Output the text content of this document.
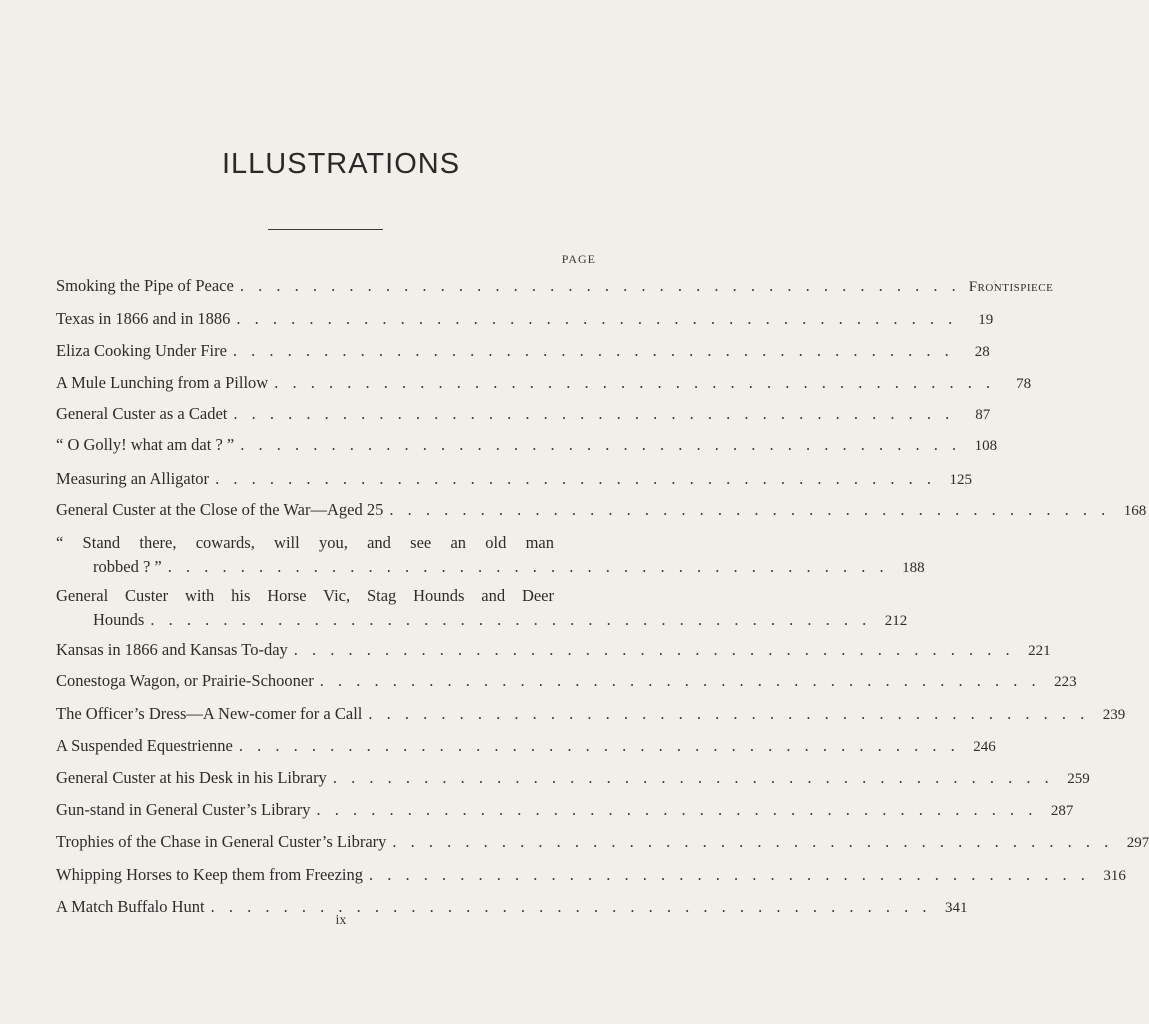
ILLUSTRATIONS
PAGE
Smoking the Pipe of Peace . . . . . . . . . . . . . . . . . . . . . . . . . . . . . . . . . . . . . . . . Frontispiece
Texas in 1866 and in 1886 . . . . . . . . . . . . . . . . . . . . . . . . . . . . . . . . . . . . . . . .	19
Eliza Cooking Under Fire . . . . . . . . . . . . . . . . . . . . . . . . . . . . . . . . . . . . . . . .	28
A Mule Lunching from a Pillow . . . . . . . . . . . . . . . . . . . . . . . . . . . . . . . . . . . . . . . .	78
General Custer as a Cadet . . . . . . . . . . . . . . . . . . . . . . . . . . . . . . . . . . . . . . . .	87
“ O Golly! what am dat ? ” . . . . . . . . . . . . . . . . . . . . . . . . . . . . . . . . . . . . . . . . 108
Measuring an Alligator . . . . . . . . . . . . . . . . . . . . . . . . . . . . . . . . . . . . . . . . 125
General Custer at the Close of the War—Aged 25 . . . . . . . . . . . . . . . . . . . . . . . . . . . . . . . . . . . . . . . . 168
“ Stand there, cowards, will you, and see an old man
robbed ? ” . . . . . . . . . . . . . . . . . . . . . . . . . . . . . . . . . . . . . . . . 188
General Custer with his Horse Vic, Stag Hounds and Deer
Hounds . . . . . . . . . . . . . . . . . . . . . . . . . . . . . . . . . . . . . . . . 212
Kansas in 1866 and Kansas To-day . . . . . . . . . . . . . . . . . . . . . . . . . . . . . . . . . . . . . . . . 221
Conestoga Wagon, or Prairie-Schooner . . . . . . . . . . . . . . . . . . . . . . . . . . . . . . . . . . . . . . . . 223
The Officer’s Dress—A New-comer for a Call . . . . . . . . . . . . . . . . . . . . . . . . . . . . . . . . . . . . . . . . 239
A Suspended Equestrienne . . . . . . . . . . . . . . . . . . . . . . . . . . . . . . . . . . . . . . . . 246
General Custer at his Desk in his Library . . . . . . . . . . . . . . . . . . . . . . . . . . . . . . . . . . . . . . . . 259
Gun-stand in General Custer’s Library . . . . . . . . . . . . . . . . . . . . . . . . . . . . . . . . . . . . . . . . 287
Trophies of the Chase in General Custer’s Library . . . . . . . . . . . . . . . . . . . . . . . . . . . . . . . . . . . . . . . . 297
Whipping Horses to Keep them from Freezing . . . . . . . . . . . . . . . . . . . . . . . . . . . . . . . . . . . . . . . . 316
A Match Buffalo Hunt . . . . . . . . . . . . . . . . . . . . . . . . . . . . . . . . . . . . . . . . 341
ix
